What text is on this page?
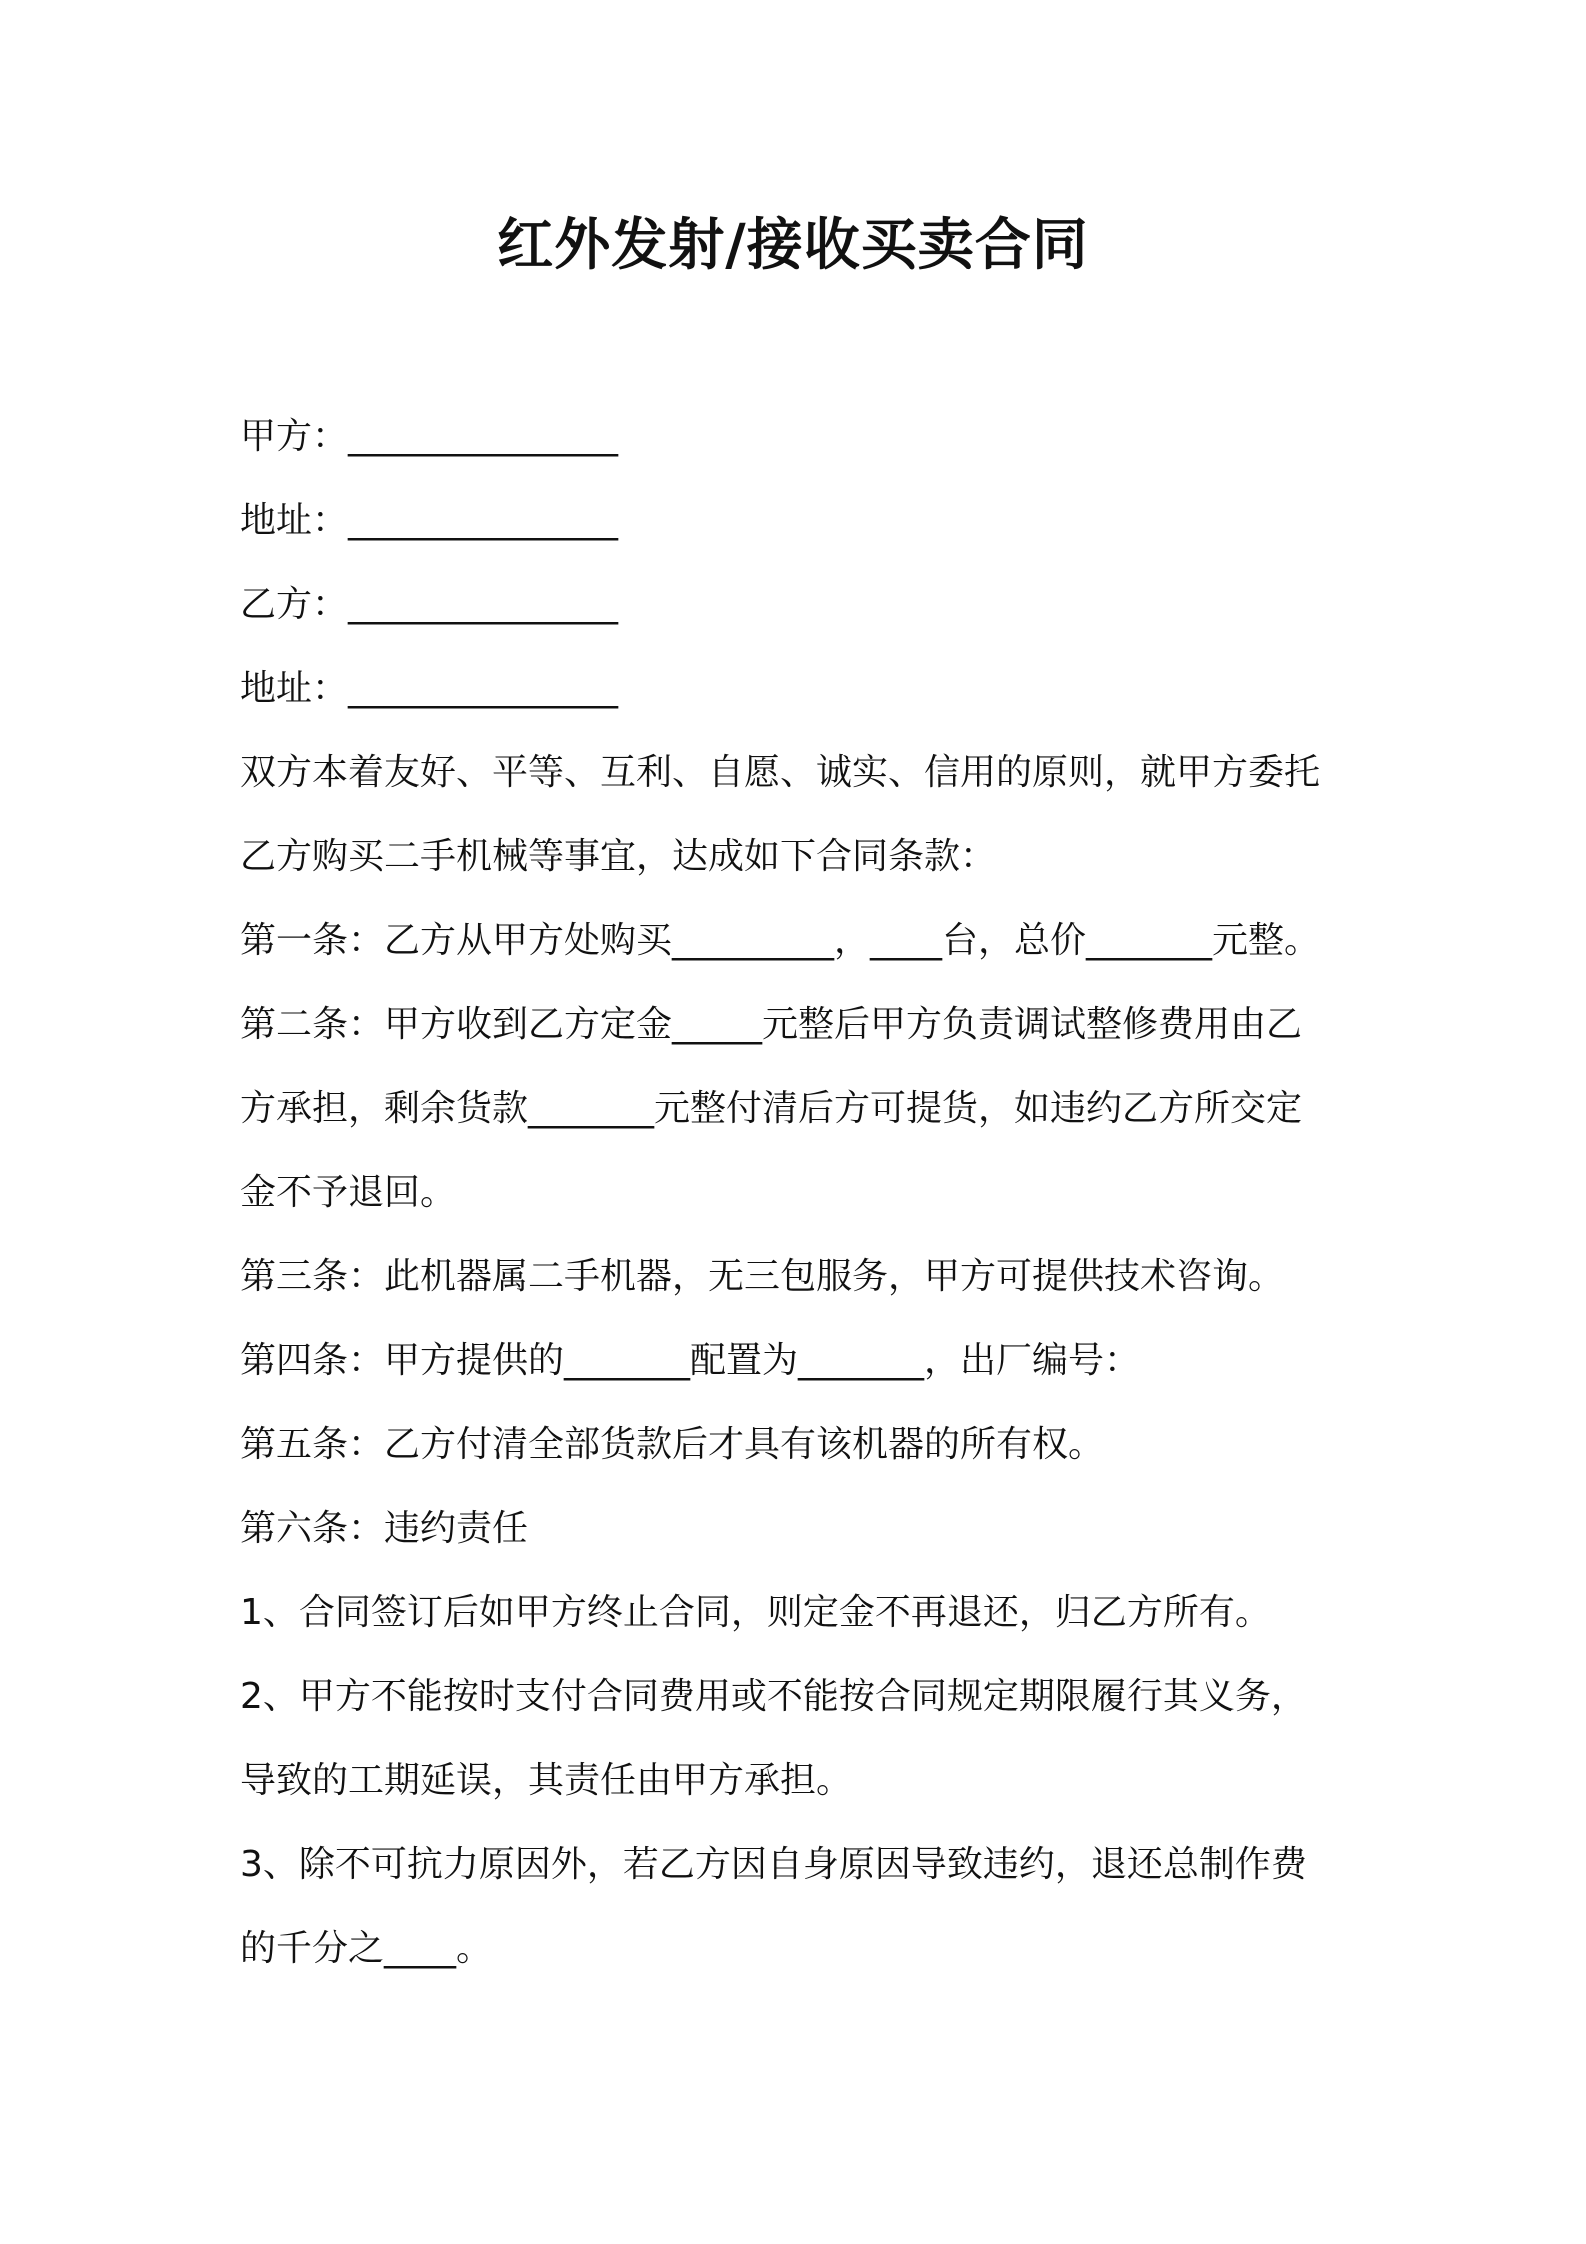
红外发射/接收买卖合同
甲方：_______________
地址：_______________
乙方：_______________
地址：_______________
双方本着友好、平等、互利、自愿、诚实、信用的原则，就甲方委托
乙方购买二手机械等事宜，达成如下合同条款：
第一条：乙方从甲方处购买_________，____台，总价_______元整。
第二条：甲方收到乙方定金_____元整后甲方负责调试整修费用由乙
方承担，剩余货款_______元整付清后方可提货，如违约乙方所交定
金不予退回。
第三条：此机器属二手机器，无三包服务，甲方可提供技术咨询。
第四条：甲方提供的_______配置为_______，出厂编号：
第五条：乙方付清全部货款后才具有该机器的所有权。
第六条：违约责任
1、合同签订后如甲方终止合同，则定金不再退还，归乙方所有。
2、甲方不能按时支付合同费用或不能按合同规定期限履行其义务，
导致的工期延误，其责任由甲方承担。
3、除不可抗力原因外，若乙方因自身原因导致违约，退还总制作费
的千分之____。
